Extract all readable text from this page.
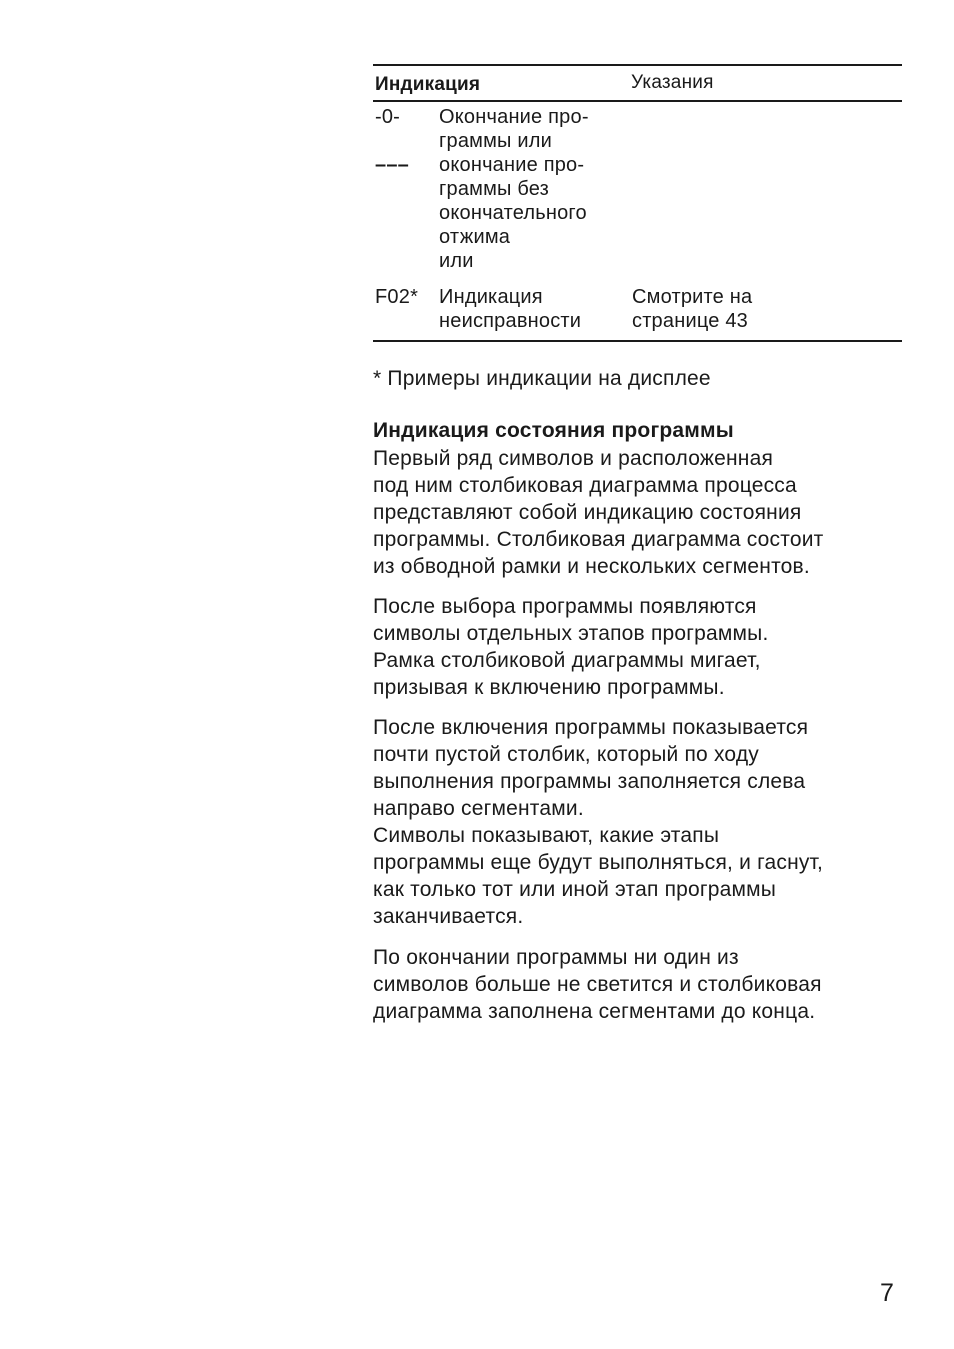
Индикация	Указания
-0-
–––
Окончание про-
граммы или
окончание про-
граммы без
окончательного
отжима
или
F02* Индикация
неисправности
Смотрите на
странице 43
* Примеры индикации на дисплее
Индикация состояния программы
Первый ряд символов и расположенная
под ним столбиковая диаграмма процесса
представляют собой индикацию состояния
программы. Столбиковая диаграмма состоит
из обводной рамки и нескольких сегментов.
После выбора программы появляются
символы отдельных этапов программы.
Рамка столбиковой диаграммы мигает,
призывая к включению программы.
После включения программы показывается
почти пустой столбик, который по ходу
выполнения программы заполняется слева
направо сегментами.
Символы показывают, какие этапы
программы еще будут выполняться, и гаснут,
как только тот или иной этап программы
заканчивается.
По окончании программы ни один из
символов больше не светится и столбиковая
диаграмма заполнена сегментами до конца.
7
